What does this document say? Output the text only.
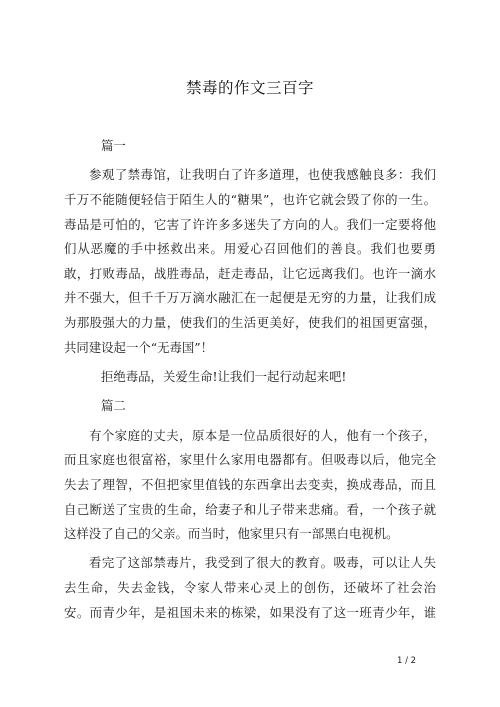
禁毒的作文三百字
篇一
参观了禁毒馆，让我明白了许多道理，也使我感触良多：我们
千万不能随便轻信于陌生人的“糖果”，也许它就会毁了你的一生。
毒品是可怕的，它害了许许多多迷失了方向的人。我们一定要将他
们从恶魔的手中拯救出来。用爱心召回他们的善良。我们也要勇
敢，打败毒品，战胜毒品，赶走毒品，让它远离我们。也许一滴水
并不强大，但千千万万滴水融汇在一起便是无穷的力量，让我们成
为那股强大的力量，使我们的生活更美好，使我们的祖国更富强，
共同建设起一个“无毒国”！
拒绝毒品，关爱生命!让我们一起行动起来吧!
篇二
有个家庭的丈夫，原本是一位品质很好的人，他有一个孩子，
而且家庭也很富裕，家里什么家用电器都有。但吸毒以后，他完全
失去了理智，不但把家里值钱的东西拿出去变卖，换成毒品，而且
自己断送了宝贵的生命，给妻子和儿子带来悲痛。看，一个孩子就
这样没了自己的父亲。而当时，他家里只有一部黑白电视机。
看完了这部禁毒片，我受到了很大的教育。吸毒，可以让人失
去生命，失去金钱，令家人带来心灵上的创伤，还破坏了社会治
安。而青少年，是祖国未来的栋梁，如果没有了这一班青少年，谁
1 / 2
